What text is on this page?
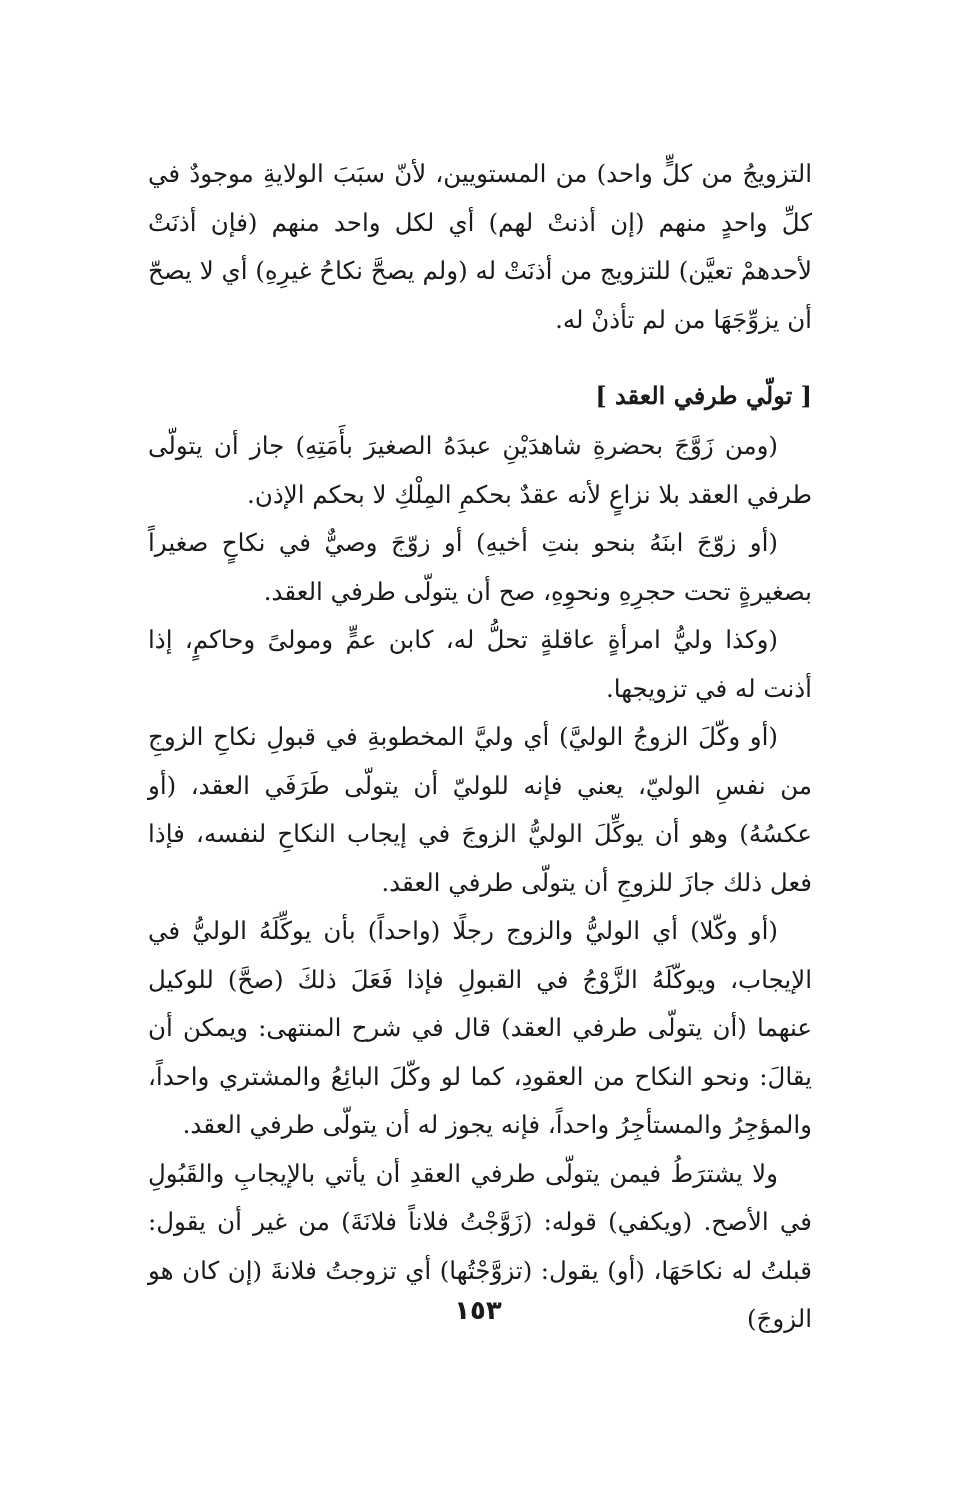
التزويجُ من كلٍّ واحد) من المستويين، لأنّ سبَبَ الولايةِ موجودٌ في كلِّ واحدٍ منهم (إن أذنتْ لهم) أي لكل واحد منهم (فإن أذنَتْ لأحدهمْ تعيَّن) للتزويج من أذنَتْ له (ولم يصحَّ نكاحُ غيرِهِ) أي لا يصحّ أن يزوِّجَهَا من لم تأذنْ له.

[ تولّي طرفي العقد ]

(ومن زَوَّجَ بحضرةِ شاهدَيْنِ عبدَهُ الصغيرَ بأَمَتِهِ) جاز أن يتولّى طرفي العقد بلا نزاعٍ لأنه عقدٌ بحكمِ المِلْكِ لا بحكم الإذن.

(أو زوّجَ ابنَهُ بنحو بنتِ أخيهِ) أو زوّجَ وصيٌّ في نكاحٍ صغيراً بصغيرةٍ تحت حجرِهِ ونحوِهِ، صح أن يتولّى طرفي العقد.

(وكذا وليُّ امرأةٍ عاقلةٍ تحلُّ له، كابن عمٍّ ومولىً وحاكمٍ، إذا أذنت له في تزويجها.

(أو وكّلَ الزوجُ الوليَّ) أي وليَّ المخطوبةِ في قبولِ نكاحِ الزوجِ من نفسِ الوليّ، يعني فإنه للوليّ أن يتولّى طَرَفَي العقد، (أو عكسُهُ) وهو أن يوكِّلَ الوليُّ الزوجَ في إيجاب النكاحِ لنفسه، فإذا فعل ذلك جازَ للزوجِ أن يتولّى طرفي العقد.

(أو وكّلا) أي الوليُّ والزوج رجلًا (واحداً) بأن يوكِّلَهُ الوليُّ في الإيجاب، ويوكّلَهُ الزَّوْجُ في القبولِ فإذا فَعَلَ ذلكَ (صحَّ) للوكيل عنهما (أن يتولّى طرفي العقد) قال في شرح المنتهى: ويمكن أن يقالَ: ونحو النكاح من العقودِ، كما لو وكّلَ البائِعُ والمشتري واحداً، والمؤجِرُ والمستأجِرُ واحداً، فإنه يجوز له أن يتولّى طرفي العقد.

ولا يشترَطُ فيمن يتولّى طرفي العقدِ أن يأتي بالإيجابِ والقَبُولِ في الأصح. (ويكفي) قوله: (زَوَّجْتُ فلاناً فلانَةَ) من غير أن يقول: قبلتُ له نكاحَهَا، (أو) يقول: (تزوَّجْتُها) أي تزوجتُ فلانةَ (إن كان هو الزوجَ)

١٥٣
